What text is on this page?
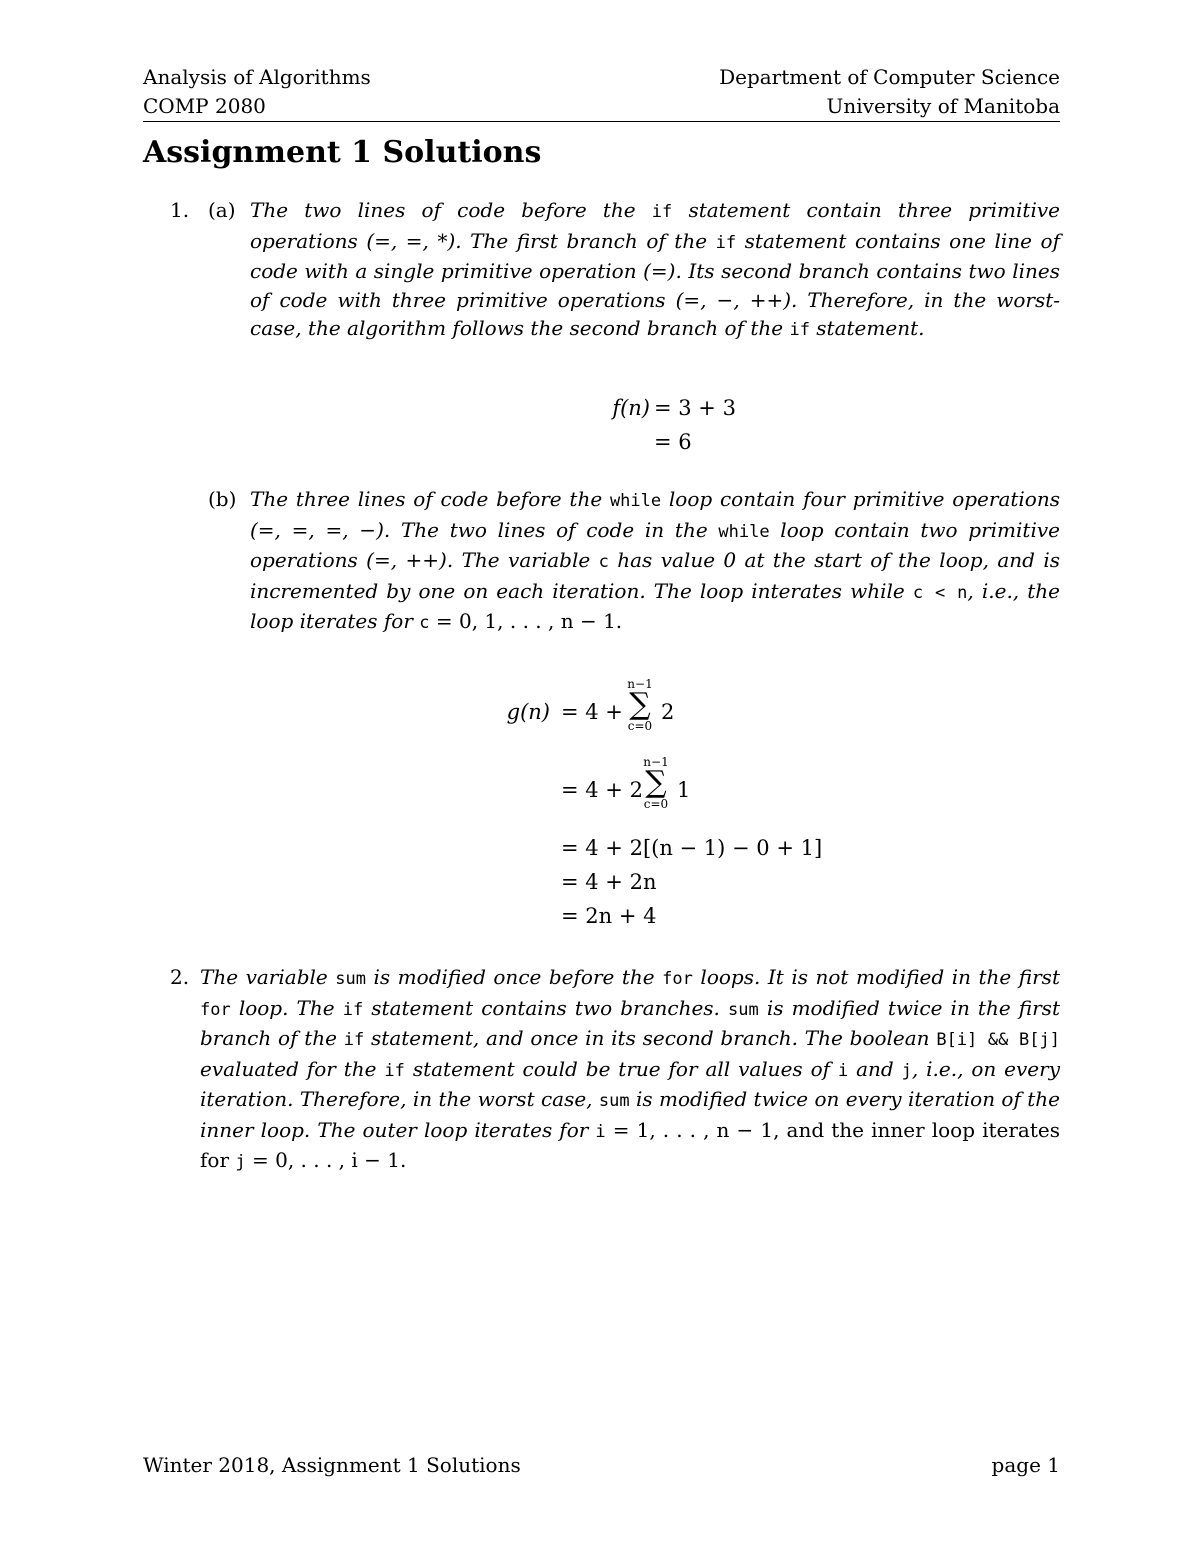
Analysis of Algorithms
COMP 2080
Department of Computer Science
University of Manitoba
Assignment 1 Solutions
1. (a) The two lines of code before the if statement contain three primitive operations (=, =, *). The first branch of the if statement contains one line of code with a single primitive operation (=). Its second branch contains two lines of code with three primitive operations (=, −, ++). Therefore, in the worst-case, the algorithm follows the second branch of the if statement.

f(n) = 3 + 3
= 6
(b) The three lines of code before the while loop contain four primitive operations (=, =, =, −). The two lines of code in the while loop contain two primitive operations (=, ++). The variable c has value 0 at the start of the loop, and is incremented by one on each iteration. The loop interates while c < n, i.e., the loop iterates for c = 0, 1, . . . , n − 1.

g(n) = 4 +
n−1
∑
c=0
2
= 4 + 2
n−1
∑
c=0
1
= 4 + 2[(n − 1) − 0 + 1]
= 4 + 2n
= 2n + 4
2. The variable sum is modified once before the for loops. It is not modified in the first for loop. The if statement contains two branches. sum is modified twice in the first branch of the if statement, and once in its second branch. The boolean B[i] && B[j] evaluated for the if statement could be true for all values of i and j, i.e., on every iteration. Therefore, in the worst case, sum is modified twice on every iteration of the inner loop. The outer loop iterates for i = 1, . . . , n − 1, and the inner loop iterates for j = 0, . . . , i − 1.

Winter 2018, Assignment 1 Solutions	page 1
